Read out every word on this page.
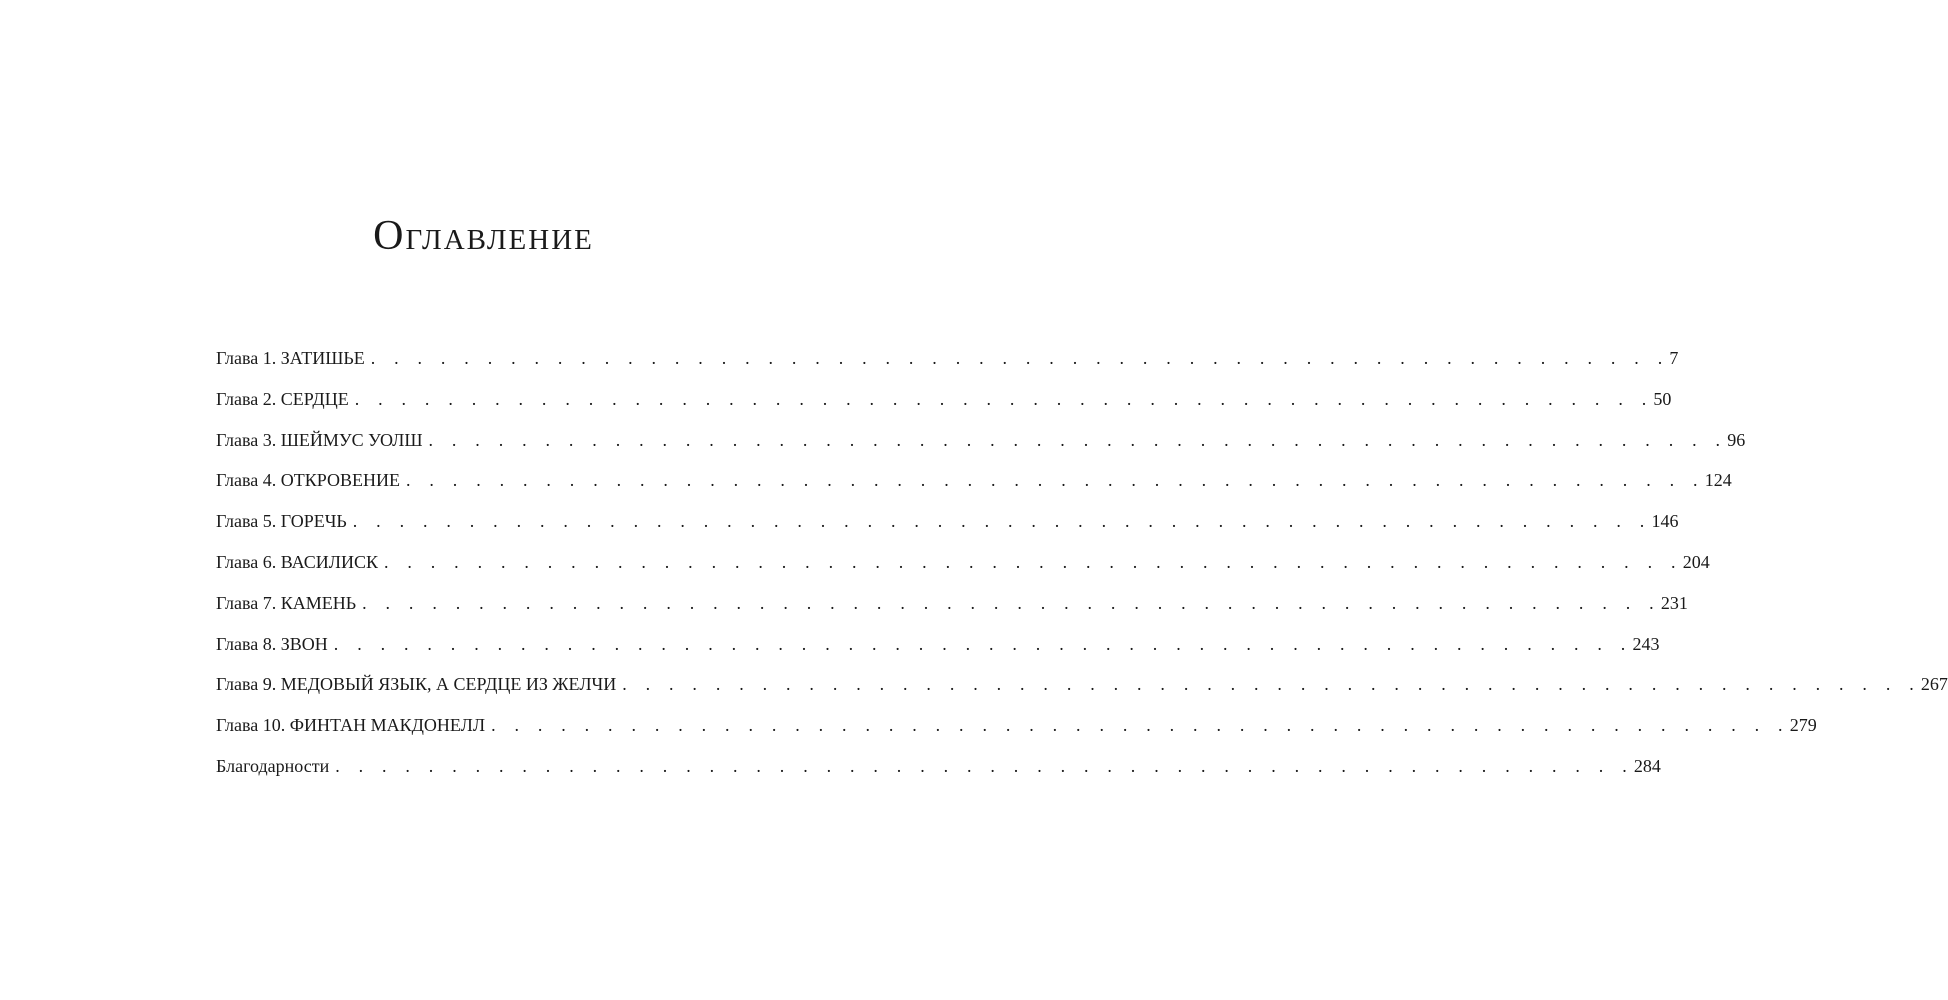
Оглавление
Глава 1. ЗАТИШЬЕ . . . . . . . . . . . . . . . . . . . . . . . . . . . . . . . . . . . . . . . . . . . . . . . . . . . . . . . . 7
Глава 2. СЕРДЦЕ . . . . . . . . . . . . . . . . . . . . . . . . . . . . . . . . . . . . . . . . . . . . . . . . . . . . . . . . 50
Глава 3. ШЕЙМУС УОЛШ . . . . . . . . . . . . . . . . . . . . . . . . . . . . . . . . . . . . . . . . . . . . . . . . . . . . . . . . 96
Глава 4. ОТКРОВЕНИЕ . . . . . . . . . . . . . . . . . . . . . . . . . . . . . . . . . . . . . . . . . . . . . . . . . . . . . . . . 124
Глава 5. ГОРЕЧЬ . . . . . . . . . . . . . . . . . . . . . . . . . . . . . . . . . . . . . . . . . . . . . . . . . . . . . . . . 146
Глава 6. ВАСИЛИСК . . . . . . . . . . . . . . . . . . . . . . . . . . . . . . . . . . . . . . . . . . . . . . . . . . . . . . . . 204
Глава 7. КАМЕНЬ . . . . . . . . . . . . . . . . . . . . . . . . . . . . . . . . . . . . . . . . . . . . . . . . . . . . . . . . 231
Глава 8. ЗВОН . . . . . . . . . . . . . . . . . . . . . . . . . . . . . . . . . . . . . . . . . . . . . . . . . . . . . . . . 243
Глава 9. МЕДОВЫЙ ЯЗЫК, А СЕРДЦЕ ИЗ ЖЕЛЧИ . . . . . . . . . . . . . . . . . . . . . . . . . . . . . . . . . . . . . . . . . . . . . . . . . . . . . . . . 267
Глава 10. ФИНТАН МАКДОНЕЛЛ . . . . . . . . . . . . . . . . . . . . . . . . . . . . . . . . . . . . . . . . . . . . . . . . . . . . . . . . 279
Благодарности . . . . . . . . . . . . . . . . . . . . . . . . . . . . . . . . . . . . . . . . . . . . . . . . . . . . . . . . 284
